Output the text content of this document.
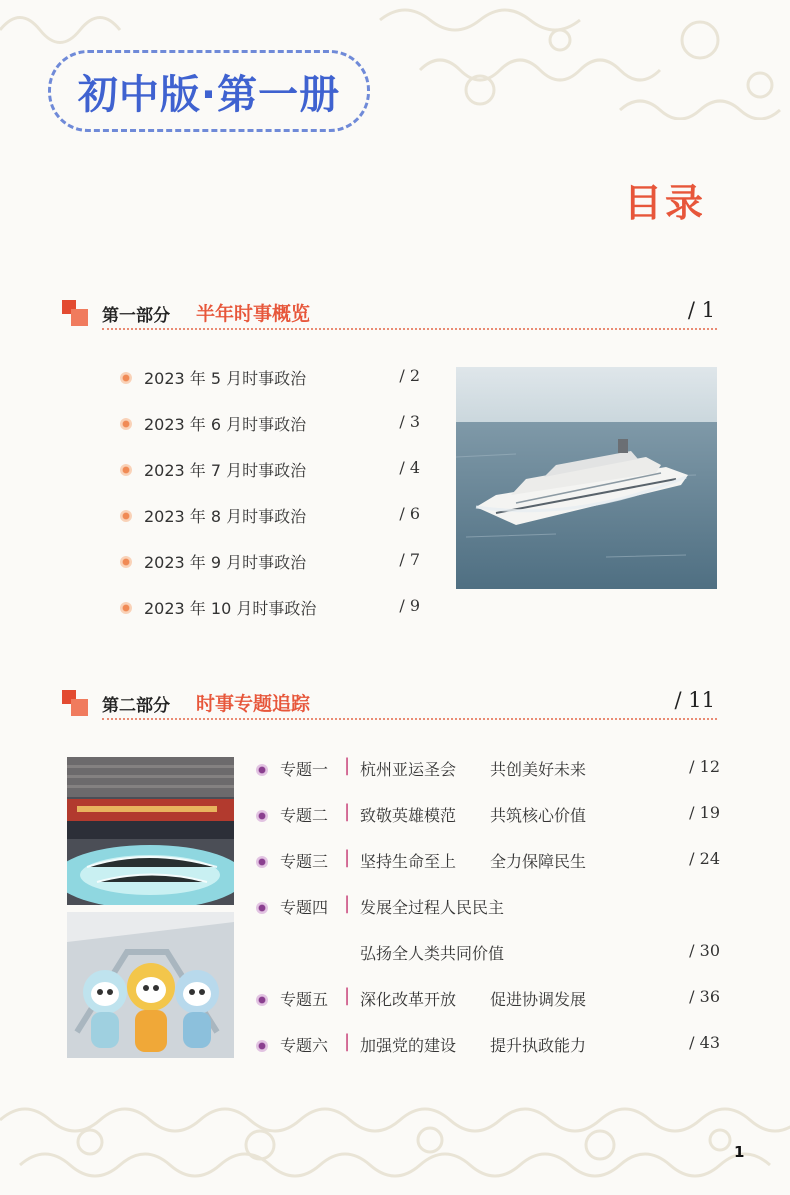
初中版·第一册
目录
第一部分 半年时事概览	/ 1
2023 年 5 月时事政治	/ 2
2023 年 6 月时事政治	/ 3
2023 年 7 月时事政治	/ 4
2023 年 8 月时事政治	/ 6
2023 年 9 月时事政治	/ 7
2023 年 10 月时事政治	/ 9
第二部分 时事专题追踪	/ 11
专题一 | 杭州亚运圣会 共创美好未来	/ 12
专题二 | 致敬英雄模范 共筑核心价值	/ 19
专题三 | 坚持生命至上 全力保障民生	/ 24
专题四 | 发展全过程人民民主
弘扬全人类共同价值	/ 30
专题五 | 深化改革开放 促进协调发展	/ 36
专题六 | 加强党的建设 提升执政能力	/ 43
1
